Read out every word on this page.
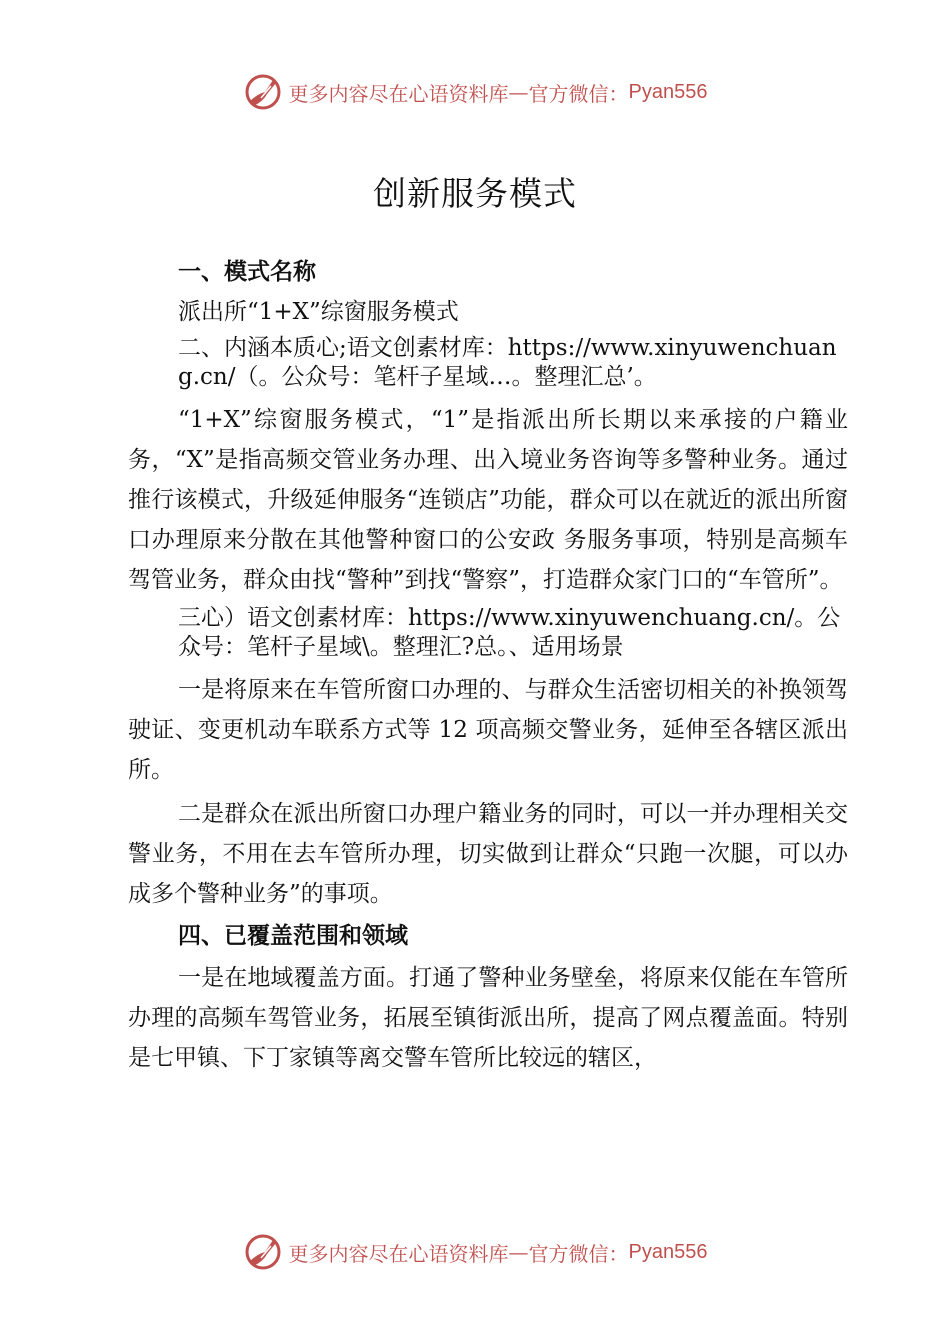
更多内容尽在心语资料库 — 官方微信： Pyan556
创新服务模式
一、模式名称
派出所“1+X”综窗服务模式
二、内涵本质心;语文创素材库：https://www.xinyuwenchuang.cn/（。公众号：笔杆子星域…。整理汇总’。
“1+X”综窗服务模式，“1”是指派出所长期以来承接的户籍业务，“X”是指高频交管业务办理、出入境业务咨询等多警种业务。通过推行该模式，升级延伸服务“连锁店”功能，群众可以在就近的派出所窗口办理原来分散在其他警种窗口的公安政 务服务事项，特别是高频车驾管业务，群众由找“警种”到找“警察”，打造群众家门口的“车管所”。
三心）语文创素材库：https://www.xinyuwenchuang.cn/。公众号：笔杆子星域\。整理汇?总。、适用场景
一是将原来在车管所窗口办理的、与群众生活密切相关的补换领驾驶证、变更机动车联系方式等 12 项高频交警业务，延伸至各辖区派出所。
二是群众在派出所窗口办理户籍业务的同时，可以一并办理相关交警业务，不用在去车管所办理，切实做到让群众“只跑一次腿，可以办成多个警种业务”的事项。
四、已覆盖范围和领域
一是在地域覆盖方面。打通了警种业务壁垒，将原来仅能在车管所办理的高频车驾管业务，拓展至镇街派出所，提高了网点覆盖面。特别是七甲镇、下丁家镇等离交警车管所比较远的辖区，
更多内容尽在心语资料库 — 官方微信： Pyan556
